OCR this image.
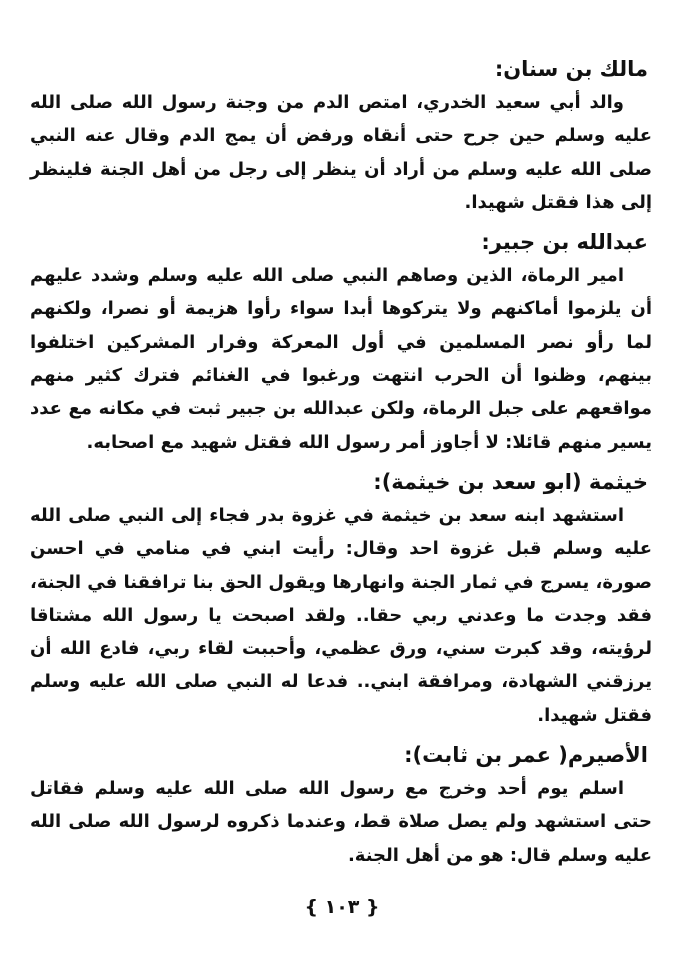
مالك بن سنان:

والد أبي سعيد الخدري، امتص الدم من وجنة رسول الله صلى الله عليه وسلم حين جرح حتى أنقاه ورفض أن يمج الدم وقال عنه النبي صلى الله عليه وسلم من أراد أن ينظر إلى رجل من أهل الجنة فلينظر إلى هذا فقتل شهيدا.

عبدالله بن جبير:

امير الرماة، الذين وصاهم النبي صلى الله عليه وسلم وشدد عليهم أن يلزموا أماكنهم ولا يتركوها أبدا سواء رأوا هزيمة أو نصرا، ولكنهم لما رأو نصر المسلمين في أول المعركة وفرار المشركين اختلفوا بينهم، وظنوا أن الحرب انتهت ورغبوا في الغنائم فترك كثير منهم مواقعهم على جبل الرماة، ولكن عبدالله بن جبير ثبت في مكانه مع عدد يسير منهم قائلا: لا أجاوز أمر رسول الله فقتل شهيد مع اصحابه.

خيثمة (ابو سعد بن خيثمة):

استشهد ابنه سعد بن خيثمة في غزوة بدر فجاء إلى النبي صلى الله عليه وسلم قبل غزوة احد وقال: رأيت ابني في منامي في احسن صورة، يسرج في ثمار الجنة وانهارها ويقول الحق بنا ترافقنا في الجنة، فقد وجدت ما وعدني ربي حقا.. ولقد اصبحت يا رسول الله مشتاقا لرؤيته، وقد كبرت سني، ورق عظمي، وأحببت لقاء ربي، فادع الله أن يرزقني الشهادة، ومرافقة ابني.. فدعا له النبي صلى الله عليه وسلم فقتل شهيدا.

الأصيرم( عمر بن ثابت):

اسلم يوم أحد وخرج مع رسول الله صلى الله عليه وسلم فقاتل حتى استشهد ولم يصل صلاة قط، وعندما ذكروه لرسول الله صلى الله عليه وسلم قال: هو من أهل الجنة.

{ ١٠٣ }
